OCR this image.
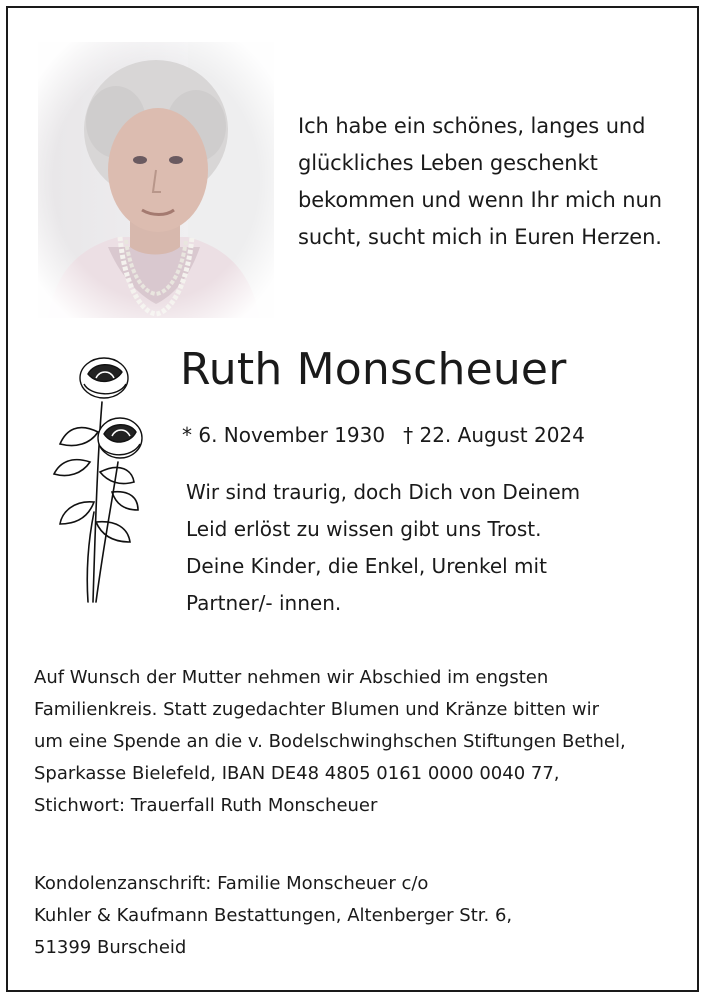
Ich habe ein schönes, langes und
glückliches Leben geschenkt
bekommen und wenn Ihr mich nun
sucht, sucht mich in Euren Herzen.
Ruth Monscheuer
* 6. November 1930 † 22. August 2024
Wir sind traurig, doch Dich von Deinem
Leid erlöst zu wissen gibt uns Trost.
Deine Kinder, die Enkel, Urenkel mit
Partner/- innen.
Auf Wunsch der Mutter nehmen wir Abschied im engsten
Familienkreis. Statt zugedachter Blumen und Kränze bitten wir
um eine Spende an die v. Bodelschwinghschen Stiftungen Bethel,
Sparkasse Bielefeld, IBAN DE48 4805 0161 0000 0040 77,
Stichwort: Trauerfall Ruth Monscheuer
Kondolenzanschrift: Familie Monscheuer c/o
Kuhler & Kaufmann Bestattungen, Altenberger Str. 6,
51399 Burscheid
